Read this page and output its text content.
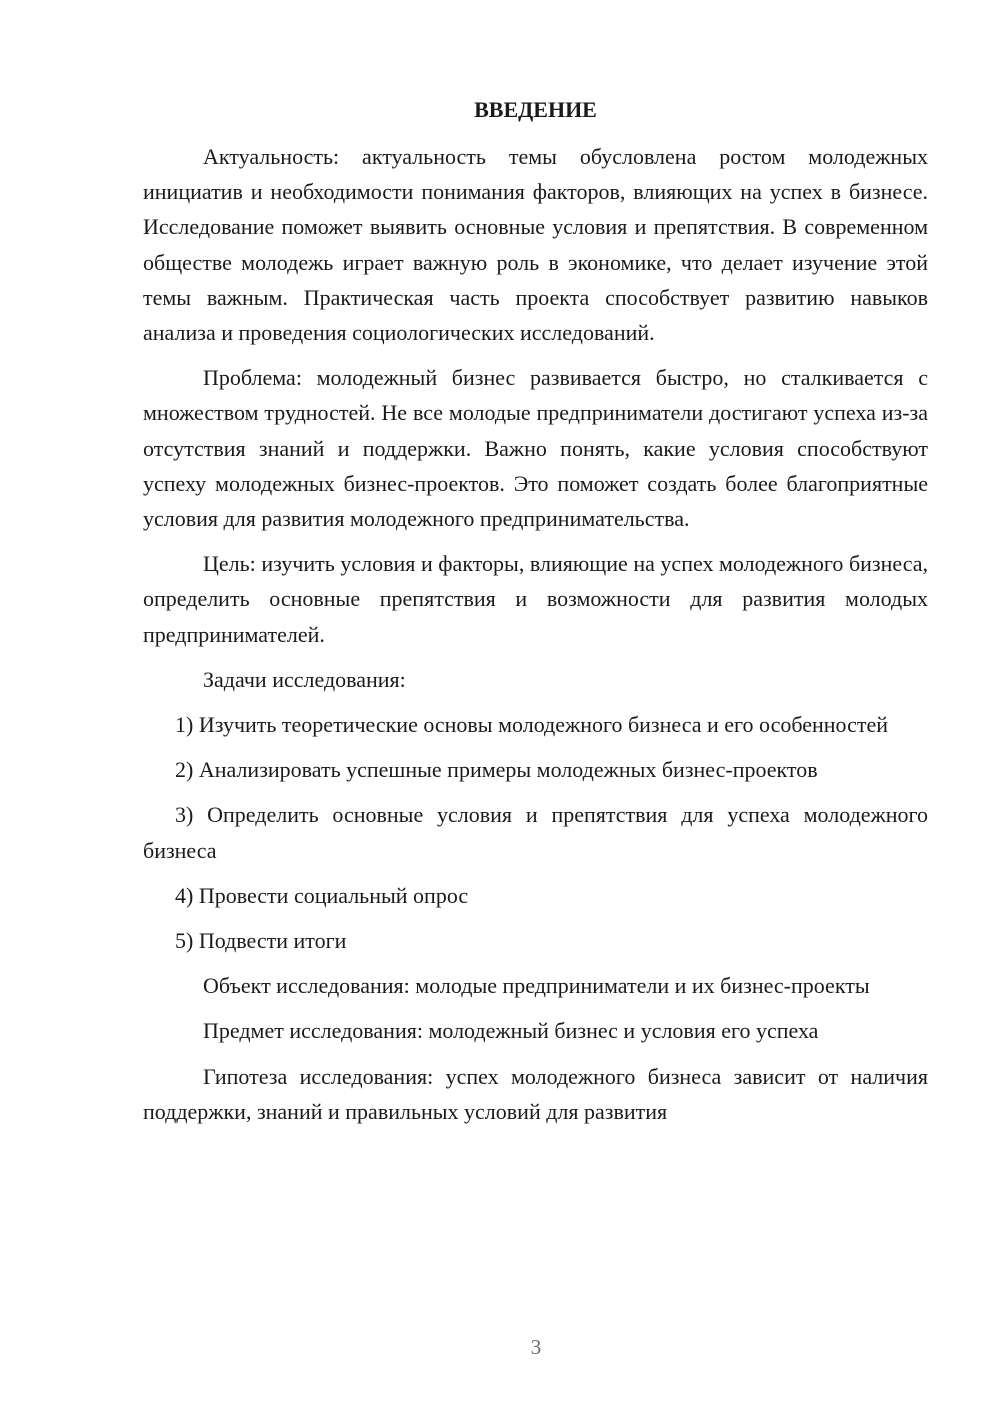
ВВЕДЕНИЕ

Актуальность: актуальность темы обусловлена ростом молодежных инициатив и необходимости понимания факторов, влияющих на успех в бизнесе. Исследование поможет выявить основные условия и препятствия. В современном обществе молодежь играет важную роль в экономике, что делает изучение этой темы важным. Практическая часть проекта способствует развитию навыков анализа и проведения социологических исследований.

Проблема: молодежный бизнес развивается быстро, но сталкивается с множеством трудностей. Не все молодые предприниматели достигают успеха из-за отсутствия знаний и поддержки. Важно понять, какие условия способствуют успеху молодежных бизнес-проектов. Это поможет создать более благоприятные условия для развития молодежного предпринимательства.

Цель: изучить условия и факторы, влияющие на успех молодежного бизнеса, определить основные препятствия и возможности для развития молодых предпринимателей.

Задачи исследования:

1) Изучить теоретические основы молодежного бизнеса и его особенностей

2) Анализировать успешные примеры молодежных бизнес-проектов

3) Определить основные условия и препятствия для успеха молодежного бизнеса

4) Провести социальный опрос

5) Подвести итоги

Объект исследования: молодые предприниматели и их бизнес-проекты

Предмет исследования: молодежный бизнес и условия его успеха

Гипотеза исследования: успех молодежного бизнеса зависит от наличия поддержки, знаний и правильных условий для развития

3
